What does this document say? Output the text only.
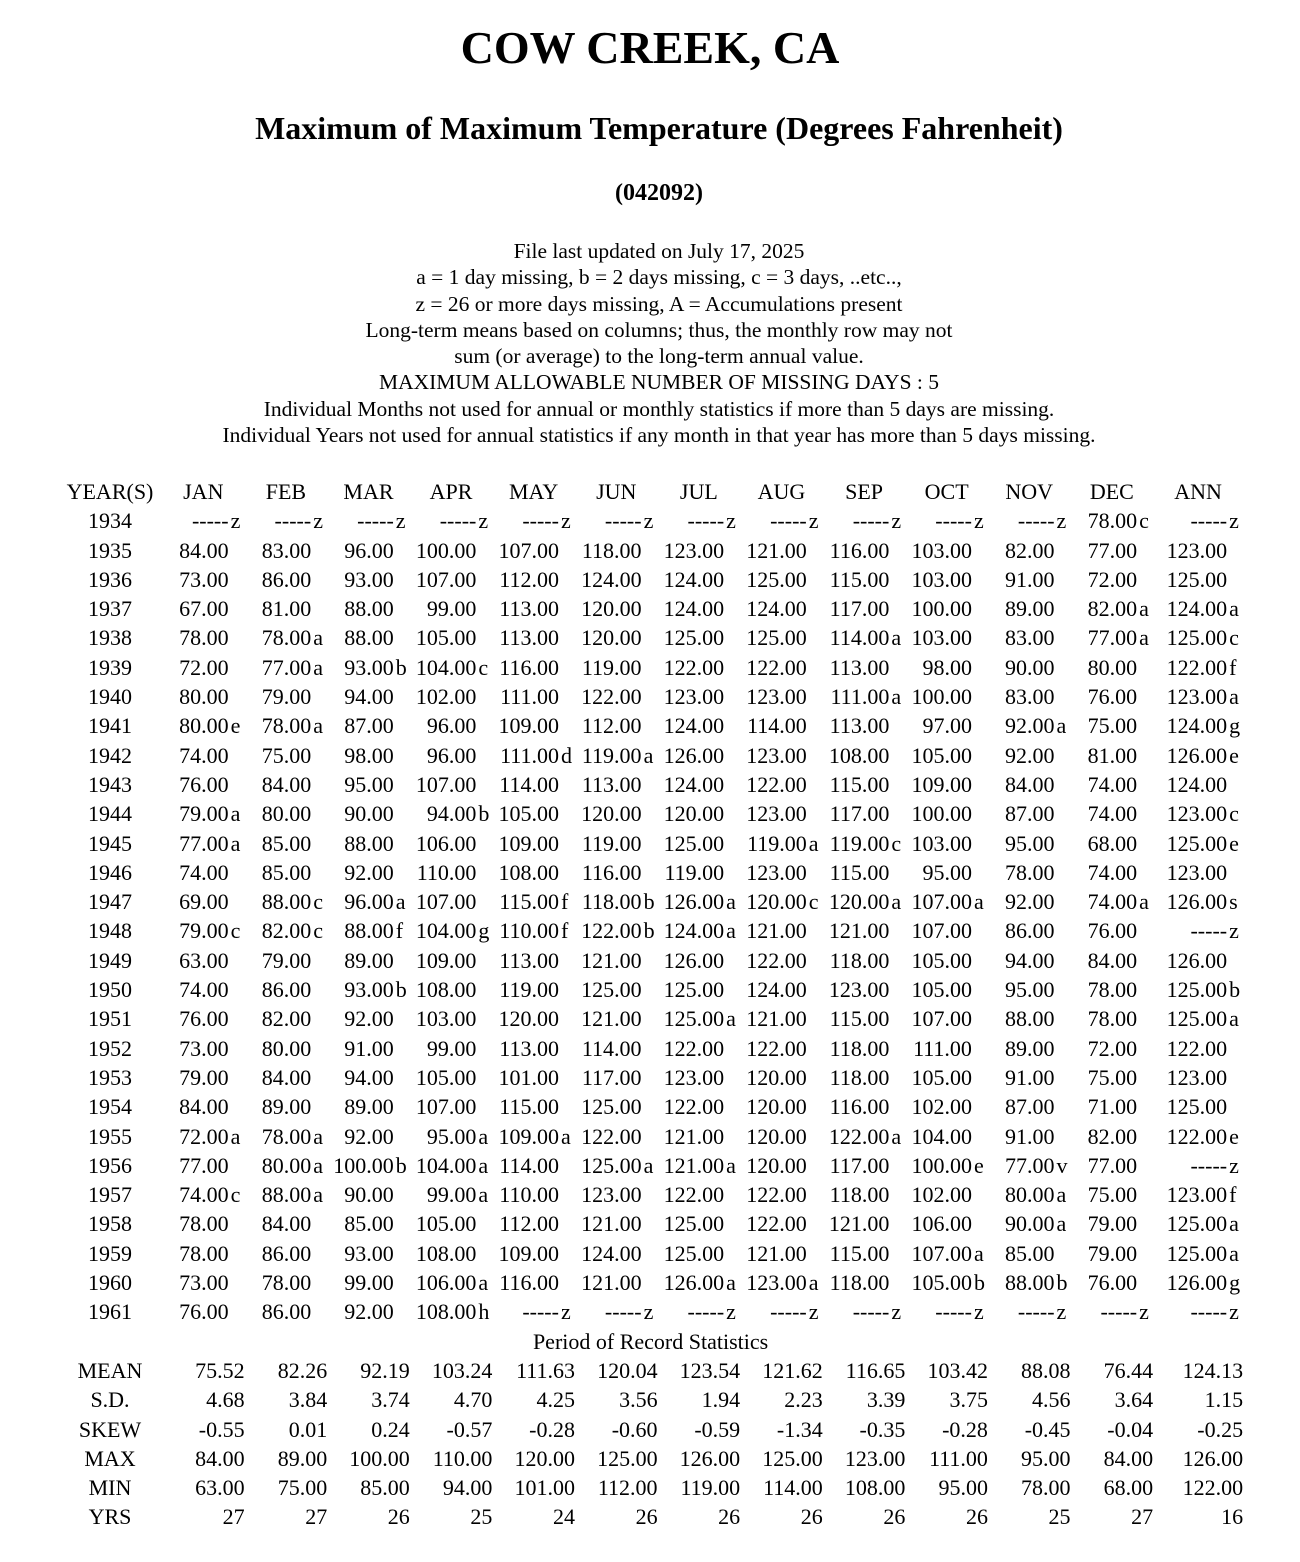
COW CREEK, CA
Maximum of Maximum Temperature (Degrees Fahrenheit)
(042092)
File last updated on July 17, 2025
a = 1 day missing, b = 2 days missing, c = 3 days, ..etc..,
z = 26 or more days missing, A = Accumulations present
Long-term means based on columns; thus, the monthly row may not
sum (or average) to the long-term annual value.
MAXIMUM ALLOWABLE NUMBER OF MISSING DAYS : 5
Individual Months not used for annual or monthly statistics if more than 5 days are missing.
Individual Years not used for annual statistics if any month in that year has more than 5 days missing.
YEAR(S)	JAN	FEB	MAR	APR	MAY	JUN	JUL	AUG	SEP	OCT	NOV	DEC	ANN
1934	-----z	-----z	-----z	-----z	-----z	-----z	-----z	-----z	-----z	-----z	-----z	78.00c	-----z
1935	84.00	83.00	96.00	100.00	107.00	118.00	123.00	121.00	116.00	103.00	82.00	77.00	123.00
1936	73.00	86.00	93.00	107.00	112.00	124.00	124.00	125.00	115.00	103.00	91.00	72.00	125.00
1937	67.00	81.00	88.00	99.00	113.00	120.00	124.00	124.00	117.00	100.00	89.00	82.00a	124.00a
1938	78.00	78.00a	88.00	105.00	113.00	120.00	125.00	125.00	114.00a	103.00	83.00	77.00a	125.00c
1939	72.00	77.00a	93.00b	104.00c	116.00	119.00	122.00	122.00	113.00	98.00	90.00	80.00	122.00f
1940	80.00	79.00	94.00	102.00	111.00	122.00	123.00	123.00	111.00a	100.00	83.00	76.00	123.00a
1941	80.00e	78.00a	87.00	96.00	109.00	112.00	124.00	114.00	113.00	97.00	92.00a	75.00	124.00g
1942	74.00	75.00	98.00	96.00	111.00d	119.00a	126.00	123.00	108.00	105.00	92.00	81.00	126.00e
1943	76.00	84.00	95.00	107.00	114.00	113.00	124.00	122.00	115.00	109.00	84.00	74.00	124.00
1944	79.00a	80.00	90.00	94.00b	105.00	120.00	120.00	123.00	117.00	100.00	87.00	74.00	123.00c
1945	77.00a	85.00	88.00	106.00	109.00	119.00	125.00	119.00a	119.00c	103.00	95.00	68.00	125.00e
1946	74.00	85.00	92.00	110.00	108.00	116.00	119.00	123.00	115.00	95.00	78.00	74.00	123.00
1947	69.00	88.00c	96.00a	107.00	115.00f	118.00b	126.00a	120.00c	120.00a	107.00a	92.00	74.00a	126.00s
1948	79.00c	82.00c	88.00f	104.00g	110.00f	122.00b	124.00a	121.00	121.00	107.00	86.00	76.00	-----z
1949	63.00	79.00	89.00	109.00	113.00	121.00	126.00	122.00	118.00	105.00	94.00	84.00	126.00
1950	74.00	86.00	93.00b	108.00	119.00	125.00	125.00	124.00	123.00	105.00	95.00	78.00	125.00b
1951	76.00	82.00	92.00	103.00	120.00	121.00	125.00a	121.00	115.00	107.00	88.00	78.00	125.00a
1952	73.00	80.00	91.00	99.00	113.00	114.00	122.00	122.00	118.00	111.00	89.00	72.00	122.00
1953	79.00	84.00	94.00	105.00	101.00	117.00	123.00	120.00	118.00	105.00	91.00	75.00	123.00
1954	84.00	89.00	89.00	107.00	115.00	125.00	122.00	120.00	116.00	102.00	87.00	71.00	125.00
1955	72.00a	78.00a	92.00	95.00a	109.00a	122.00	121.00	120.00	122.00a	104.00	91.00	82.00	122.00e
1956	77.00	80.00a	100.00b	104.00a	114.00	125.00a	121.00a	120.00	117.00	100.00e	77.00v	77.00	-----z
1957	74.00c	88.00a	90.00	99.00a	110.00	123.00	122.00	122.00	118.00	102.00	80.00a	75.00	123.00f
1958	78.00	84.00	85.00	105.00	112.00	121.00	125.00	122.00	121.00	106.00	90.00a	79.00	125.00a
1959	78.00	86.00	93.00	108.00	109.00	124.00	125.00	121.00	115.00	107.00a	85.00	79.00	125.00a
1960	73.00	78.00	99.00	106.00a	116.00	121.00	126.00a	123.00a	118.00	105.00b	88.00b	76.00	126.00g
1961	76.00	86.00	92.00	108.00h	-----z	-----z	-----z	-----z	-----z	-----z	-----z	-----z	-----z
Period of Record Statistics													
MEAN	75.52	82.26	92.19	103.24	111.63	120.04	123.54	121.62	116.65	103.42	88.08	76.44	124.13
S.D.	4.68	3.84	3.74	4.70	4.25	3.56	1.94	2.23	3.39	3.75	4.56	3.64	1.15
SKEW	-0.55	0.01	0.24	-0.57	-0.28	-0.60	-0.59	-1.34	-0.35	-0.28	-0.45	-0.04	-0.25
MAX	84.00	89.00	100.00	110.00	120.00	125.00	126.00	125.00	123.00	111.00	95.00	84.00	126.00
MIN	63.00	75.00	85.00	94.00	101.00	112.00	119.00	114.00	108.00	95.00	78.00	68.00	122.00
YRS	27	27	26	25	24	26	26	26	26	26	25	27	16
